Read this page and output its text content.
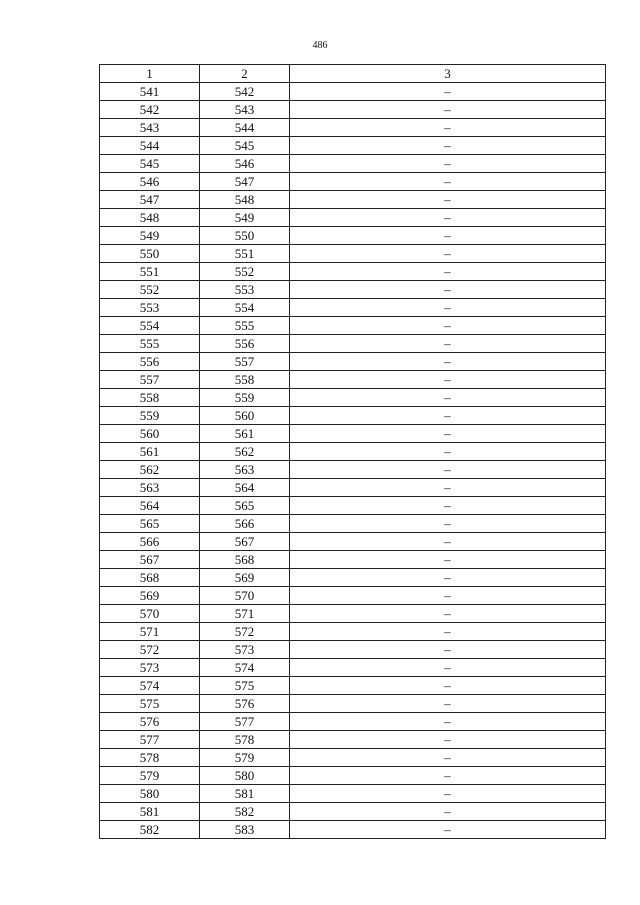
486
1	2	3
541	542	–
542	543	–
543	544	–
544	545	–
545	546	–
546	547	–
547	548	–
548	549	–
549	550	–
550	551	–
551	552	–
552	553	–
553	554	–
554	555	–
555	556	–
556	557	–
557	558	–
558	559	–
559	560	–
560	561	–
561	562	–
562	563	–
563	564	–
564	565	–
565	566	–
566	567	–
567	568	–
568	569	–
569	570	–
570	571	–
571	572	–
572	573	–
573	574	–
574	575	–
575	576	–
576	577	–
577	578	–
578	579	–
579	580	–
580	581	–
581	582	–
582	583	–
